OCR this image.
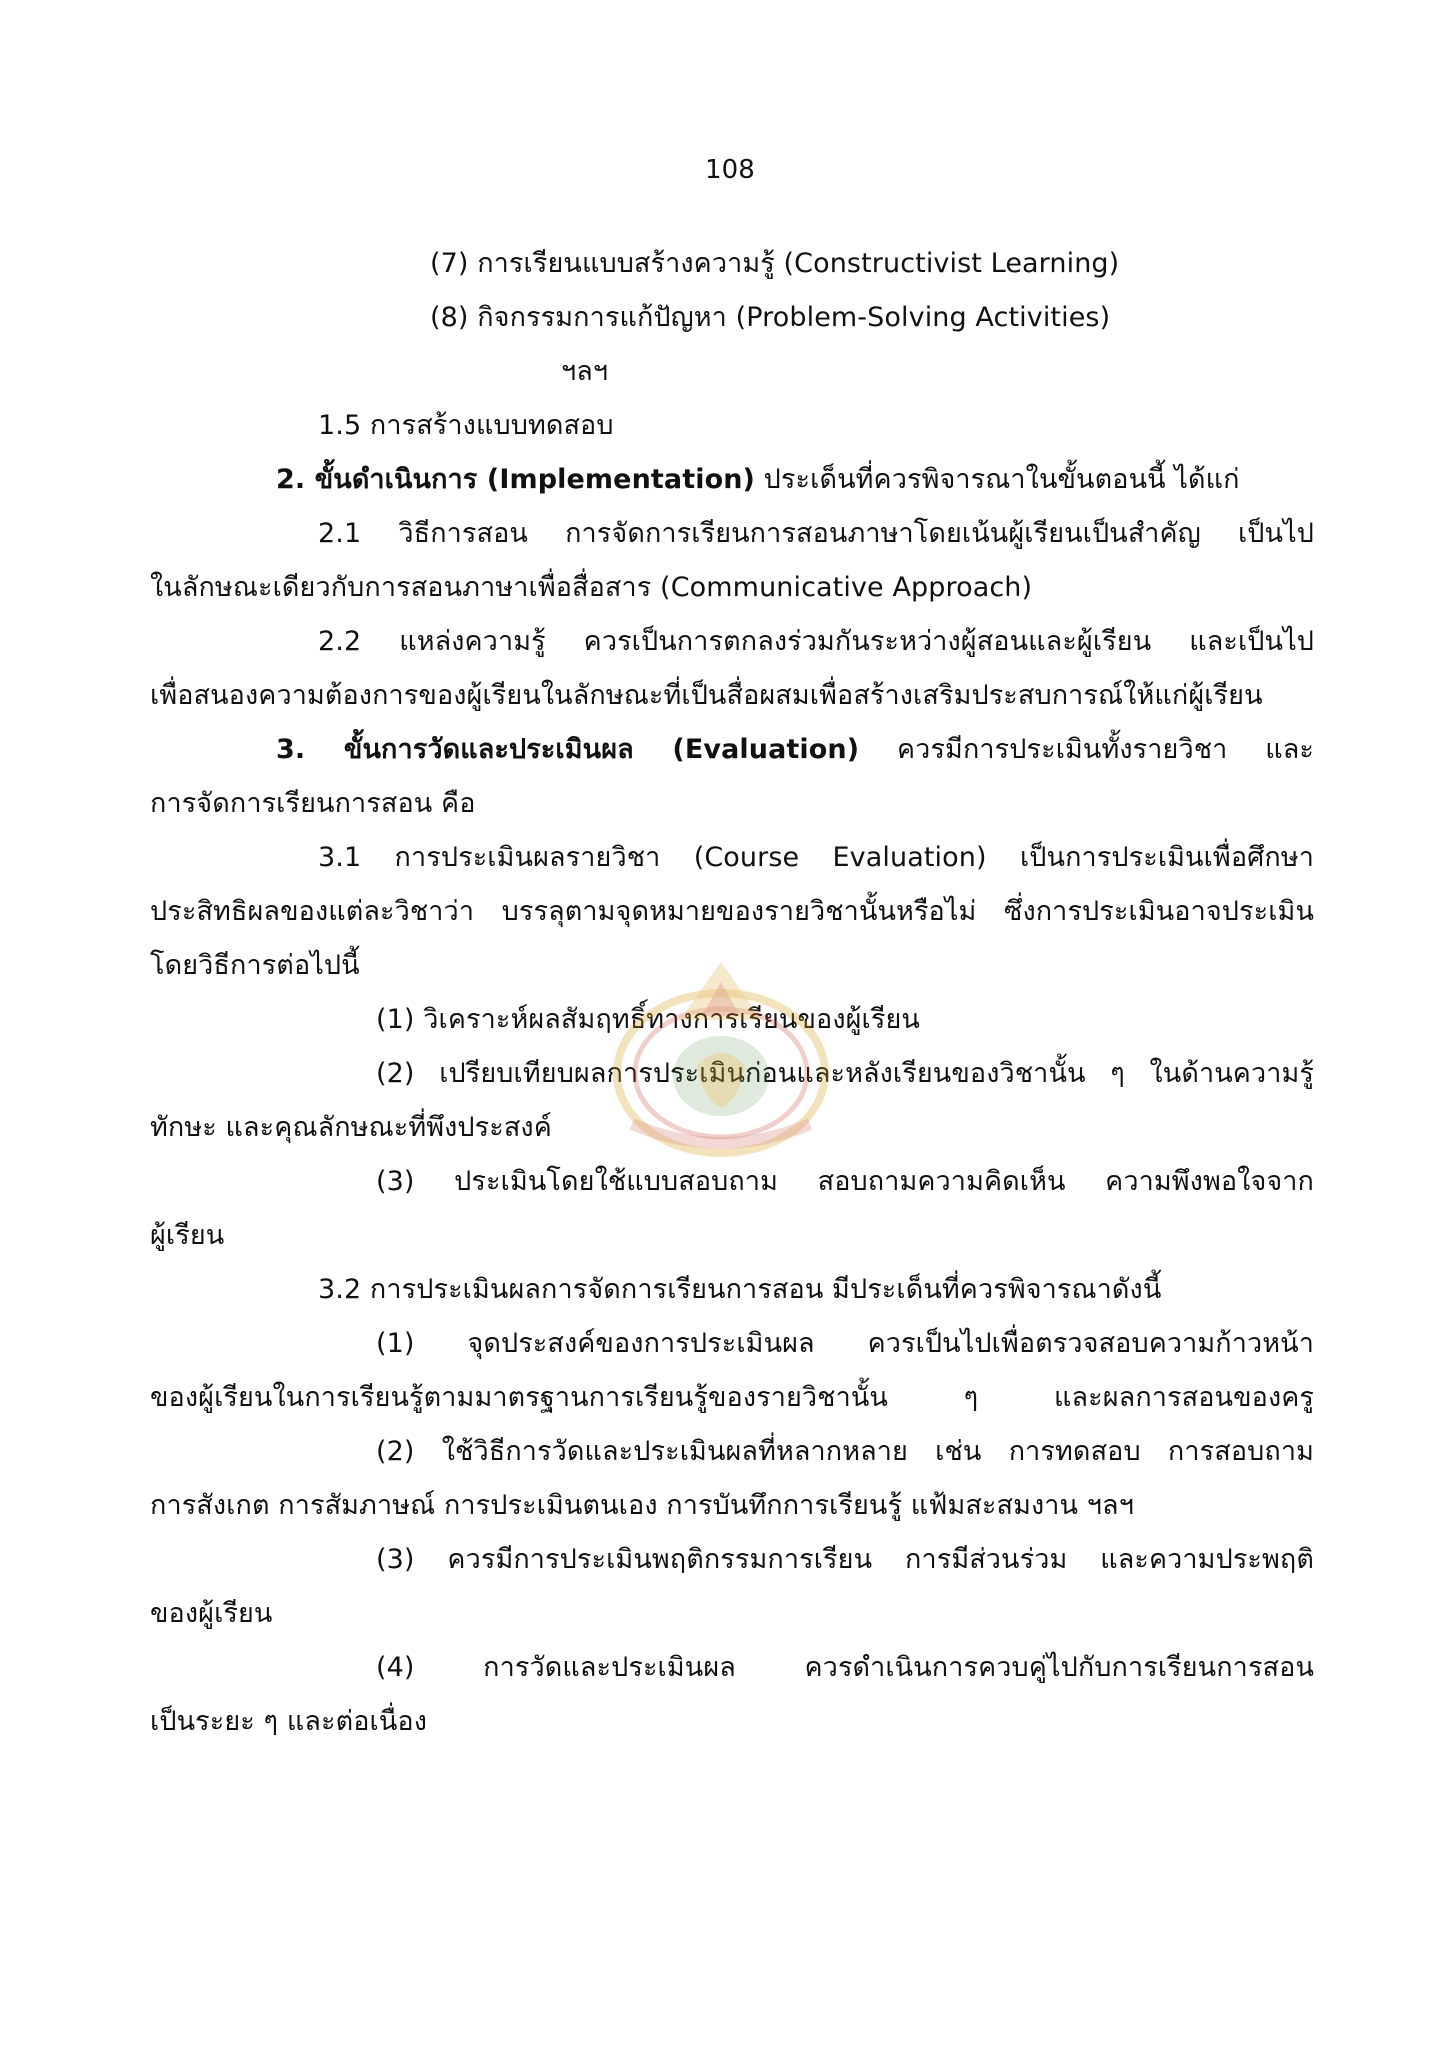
108
(7) การเรียนแบบสร้างความรู้ (Constructivist Learning)
(8) กิจกรรมการแก้ปัญหา (Problem-Solving Activities)
ฯลฯ
1.5 การสร้างแบบทดสอบ
2. ขั้นดำเนินการ (Implementation) ประเด็นที่ควรพิจารณาในขั้นตอนนี้ ได้แก่
2.1 วิธีการสอน การจัดการเรียนการสอนภาษาโดยเน้นผู้เรียนเป็นสำคัญ เป็นไป
ในลักษณะเดียวกับการสอนภาษาเพื่อสื่อสาร (Communicative Approach)
2.2 แหล่งความรู้ ควรเป็นการตกลงร่วมกันระหว่างผู้สอนและผู้เรียน และเป็นไป
เพื่อสนองความต้องการของผู้เรียนในลักษณะที่เป็นสื่อผสมเพื่อสร้างเสริมประสบการณ์ให้แก่ผู้เรียน
3. ขั้นการวัดและประเมินผล (Evaluation) ควรมีการประเมินทั้งรายวิชา และ
การจัดการเรียนการสอน คือ
3.1 การประเมินผลรายวิชา (Course Evaluation) เป็นการประเมินเพื่อศึกษา
ประสิทธิผลของแต่ละวิชาว่า บรรลุตามจุดหมายของรายวิชานั้นหรือไม่ ซึ่งการประเมินอาจประเมิน
โดยวิธีการต่อไปนี้
(1) วิเคราะห์ผลสัมฤทธิ์ทางการเรียนของผู้เรียน
(2) เปรียบเทียบผลการประเมินก่อนและหลังเรียนของวิชานั้น ๆ ในด้านความรู้
ทักษะ และคุณลักษณะที่พึงประสงค์
(3) ประเมินโดยใช้แบบสอบถาม สอบถามความคิดเห็น ความพึงพอใจจาก
ผู้เรียน
3.2 การประเมินผลการจัดการเรียนการสอน มีประเด็นที่ควรพิจารณาดังนี้
(1) จุดประสงค์ของการประเมินผล ควรเป็นไปเพื่อตรวจสอบความก้าวหน้า
ของผู้เรียนในการเรียนรู้ตามมาตรฐานการเรียนรู้ของรายวิชานั้น ๆ และผลการสอนของครู
(2) ใช้วิธีการวัดและประเมินผลที่หลากหลาย เช่น การทดสอบ การสอบถาม
การสังเกต การสัมภาษณ์ การประเมินตนเอง การบันทึกการเรียนรู้ แฟ้มสะสมงาน ฯลฯ
(3) ควรมีการประเมินพฤติกรรมการเรียน การมีส่วนร่วม และความประพฤติ
ของผู้เรียน
(4) การวัดและประเมินผล ควรดำเนินการควบคู่ไปกับการเรียนการสอน
เป็นระยะ ๆ และต่อเนื่อง
